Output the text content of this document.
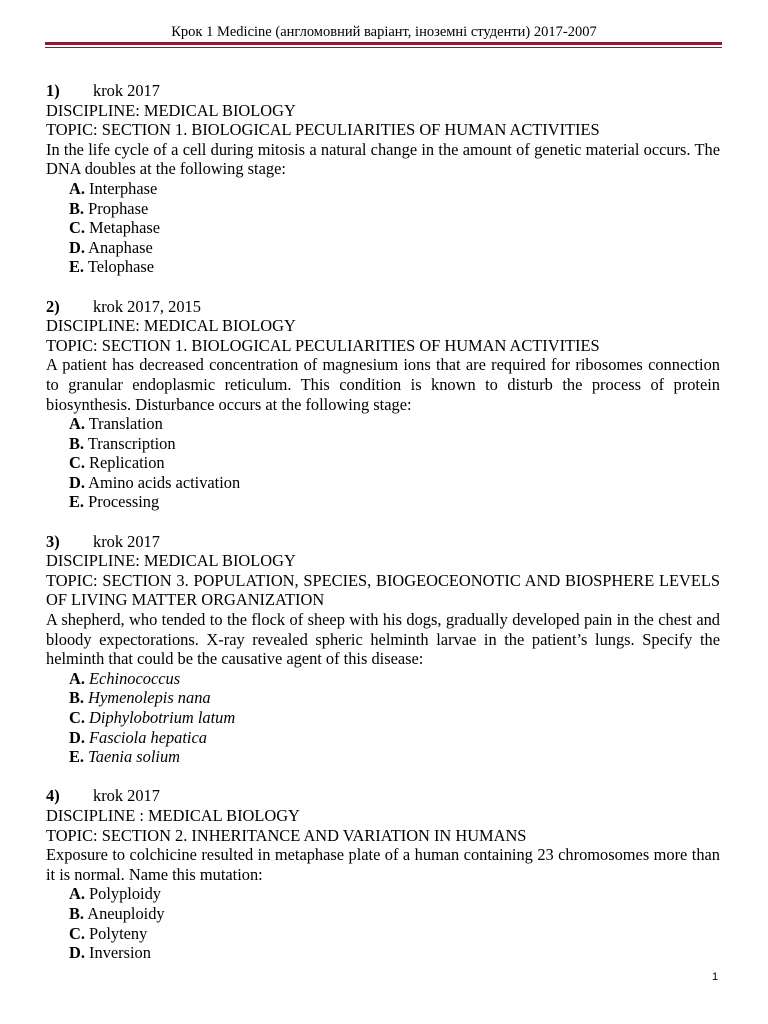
Крок 1 Medicine (англомовний варіант, іноземні студенти) 2017-2007
1) krok 2017
DISCIPLINE: MEDICAL BIOLOGY
TOPIC: SECTION 1. BIOLOGICAL PECULIARITIES OF HUMAN ACTIVITIES
In the life cycle of a cell during mitosis a natural change in the amount of genetic material occurs. The DNA doubles at the following stage:
A. Interphase
B. Prophase
C. Metaphase
D. Anaphase
E. Telophase
2) krok 2017, 2015
DISCIPLINE: MEDICAL BIOLOGY
TOPIC: SECTION 1. BIOLOGICAL PECULIARITIES OF HUMAN ACTIVITIES
A patient has decreased concentration of magnesium ions that are required for ribosomes connection to granular endoplasmic reticulum. This condition is known to disturb the process of protein biosynthesis. Disturbance occurs at the following stage:
A. Translation
B. Transcription
C. Replication
D. Amino acids activation
E. Processing
3) krok 2017
DISCIPLINE: MEDICAL BIOLOGY
TOPIC: SECTION 3. POPULATION, SPECIES, BIOGEOCEONOTIC AND BIOSPHERE LEVELS OF LIVING MATTER ORGANIZATION
A shepherd, who tended to the flock of sheep with his dogs, gradually developed pain in the chest and bloody expectorations. X-ray revealed spheric helminth larvae in the patient’s lungs. Specify the helminth that could be the causative agent of this disease:
A. Echinococcus
B. Hymenolepis nana
C. Diphylobotrium latum
D. Fasciola hepatica
E. Taenia solium
4) krok 2017
DISCIPLINE : MEDICAL BIOLOGY
TOPIC: SECTION 2. INHERITANCE AND VARIATION IN HUMANS
Exposure to colchicine resulted in metaphase plate of a human containing 23 chromosomes more than it is normal. Name this mutation:
A. Polyploidy
B. Aneuploidy
C. Polyteny
D. Inversion
1
